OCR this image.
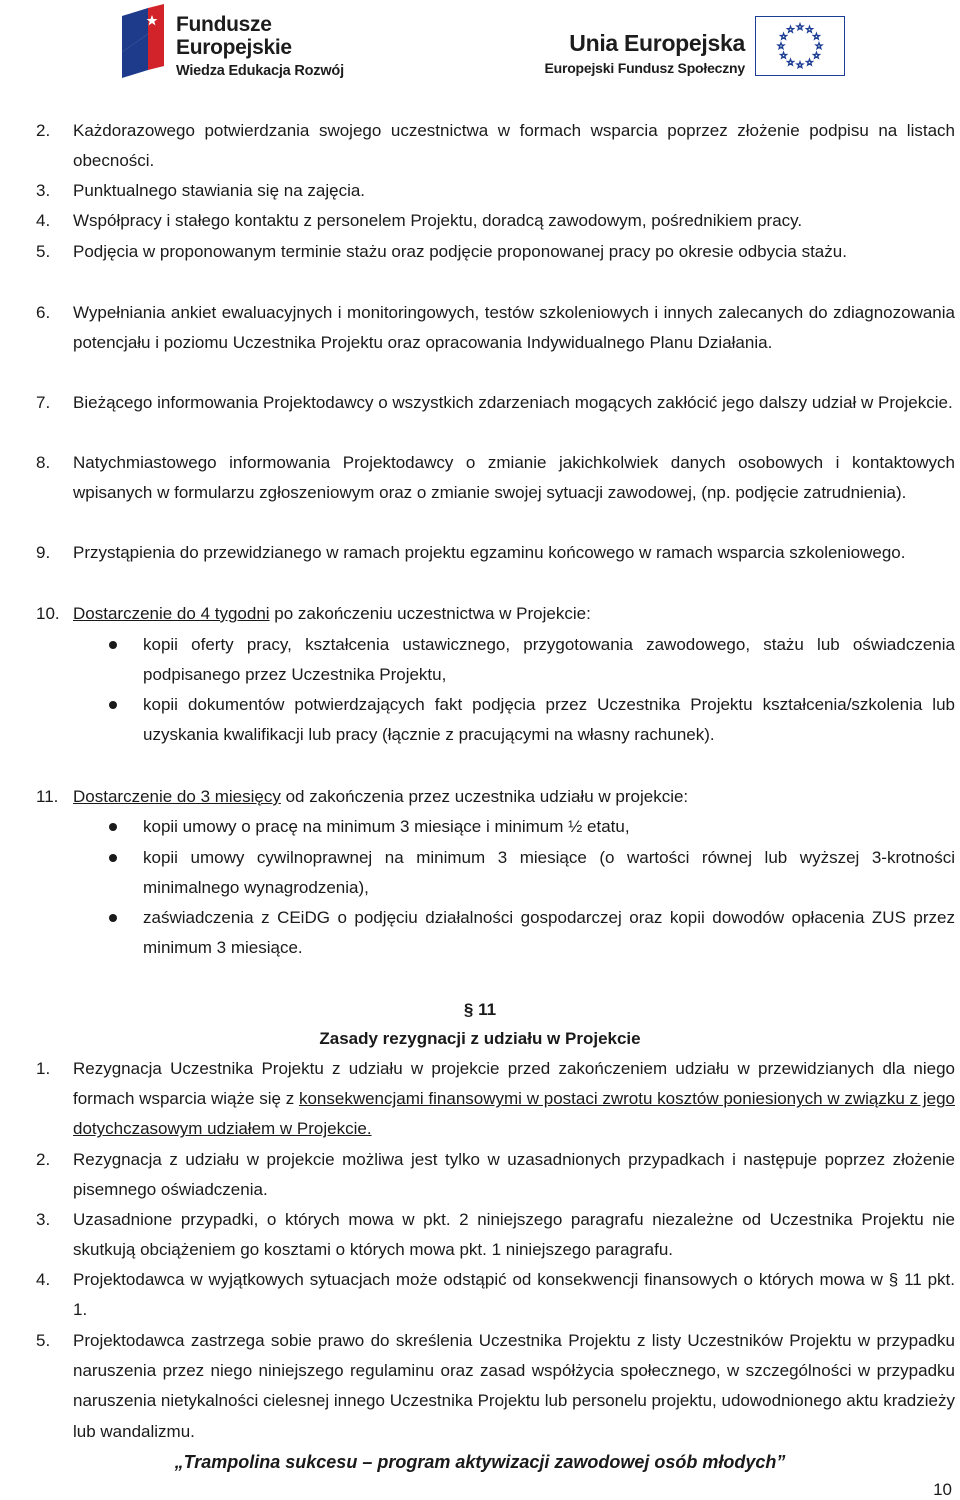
Fundusze
Europejskie
Wiedza Edukacja Rozwój
Unia Europejska
Europejski Fundusz Społeczny
2. Każdorazowego potwierdzania swojego uczestnictwa w formach wsparcia poprzez złożenie podpisu na listach obecności.
3. Punktualnego stawiania się na zajęcia.
4. Współpracy i stałego kontaktu z personelem Projektu, doradcą zawodowym, pośrednikiem pracy.
5. Podjęcia w proponowanym terminie stażu oraz podjęcie proponowanej pracy po okresie odbycia stażu.
6. Wypełniania ankiet ewaluacyjnych i monitoringowych, testów szkoleniowych i innych zalecanych do zdiagnozowania potencjału i poziomu Uczestnika Projektu oraz opracowania Indywidualnego Planu Działania.
7. Bieżącego informowania Projektodawcy o wszystkich zdarzeniach mogących zakłócić jego dalszy udział w Projekcie.
8. Natychmiastowego informowania Projektodawcy o zmianie jakichkolwiek danych osobowych i kontaktowych wpisanych w formularzu zgłoszeniowym oraz o zmianie swojej sytuacji zawodowej, (np. podjęcie zatrudnienia).
9. Przystąpienia do przewidzianego w ramach projektu egzaminu końcowego w ramach wsparcia szkoleniowego.
10. Dostarczenie do 4 tygodni po zakończeniu uczestnictwa w Projekcie:
kopii oferty pracy, kształcenia ustawicznego, przygotowania zawodowego, stażu lub oświadczenia podpisanego przez Uczestnika Projektu,
kopii dokumentów potwierdzających fakt podjęcia przez Uczestnika Projektu kształcenia/szkolenia lub uzyskania kwalifikacji lub pracy (łącznie z pracującymi na własny rachunek).
11. Dostarczenie do 3 miesięcy od zakończenia przez uczestnika udziału w projekcie:
kopii umowy o pracę na minimum 3 miesiące i minimum ½ etatu,
kopii umowy cywilnoprawnej na minimum 3 miesiące (o wartości równej lub wyższej 3-krotności minimalnego wynagrodzenia),
zaświadczenia z CEiDG o podjęciu działalności gospodarczej oraz kopii dowodów opłacenia ZUS przez minimum 3 miesiące.
§ 11
Zasady rezygnacji z udziału w Projekcie
1. Rezygnacja Uczestnika Projektu z udziału w projekcie przed zakończeniem udziału w przewidzianych dla niego formach wsparcia wiąże się z konsekwencjami finansowymi w postaci zwrotu kosztów poniesionych w związku z jego dotychczasowym udziałem w Projekcie.
2. Rezygnacja z udziału w projekcie możliwa jest tylko w uzasadnionych przypadkach i następuje poprzez złożenie pisemnego oświadczenia.
3. Uzasadnione przypadki, o których mowa w pkt. 2 niniejszego paragrafu niezależne od Uczestnika Projektu nie skutkują obciążeniem go kosztami o których mowa pkt. 1 niniejszego paragrafu.
4. Projektodawca w wyjątkowych sytuacjach może odstąpić od konsekwencji finansowych o których mowa w § 11 pkt. 1.
5. Projektodawca zastrzega sobie prawo do skreślenia Uczestnika Projektu z listy Uczestników Projektu w przypadku naruszenia przez niego niniejszego regulaminu oraz zasad współżycia społecznego, w szczególności w przypadku naruszenia nietykalności cielesnej innego Uczestnika Projektu lub personelu projektu, udowodnionego aktu kradzieży lub wandalizmu.
„Trampolina sukcesu – program aktywizacji zawodowej osób młodych”
10
